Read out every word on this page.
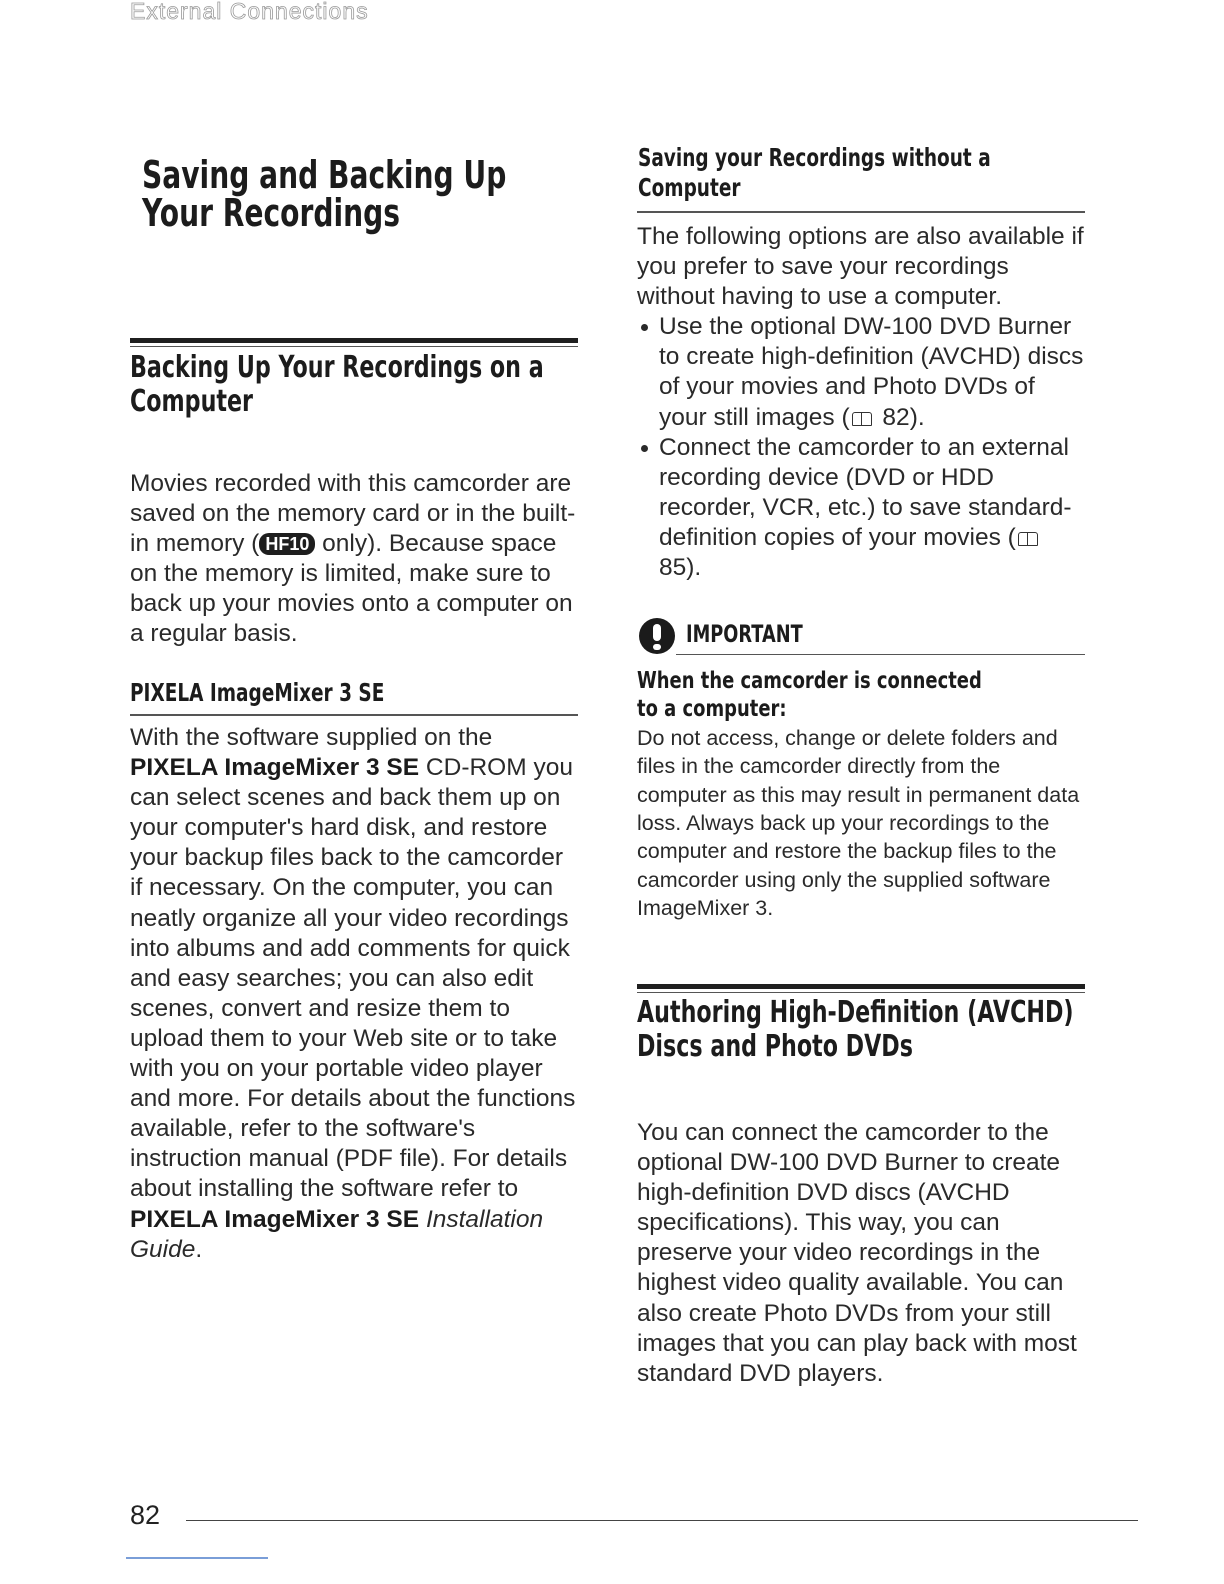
External Connections
Saving and Backing Up
Your Recordings
Backing Up Your Recordings on a
Computer

Movies recorded with this camcorder are saved on the memory card or in the built-in memory ( HF10 only). Because space on the memory is limited, make sure to back up your movies onto a computer on a regular basis.

PIXELA ImageMixer 3 SE

With the software supplied on the PIXELA ImageMixer 3 SE CD-ROM you can select scenes and back them up on your computer's hard disk, and restore your backup files back to the camcorder if necessary. On the computer, you can neatly organize all your video recordings into albums and add comments for quick and easy searches; you can also edit scenes, convert and resize them to upload them to your Web site or to take with you on your portable video player and more. For details about the functions available, refer to the software's instruction manual (PDF file). For details about installing the software refer to PIXELA ImageMixer 3 SE Installation Guide.

Saving your Recordings without a
Computer

The following options are also available if you prefer to save your recordings without having to use a computer.

Use the optional DW-100 DVD Burner to create high-definition (AVCHD) discs of your movies and Photo DVDs of your still images ( 82).
Connect the camcorder to an external recording device (DVD or HDD recorder, VCR, etc.) to save standard-definition copies of your movies ( 85).
IMPORTANT

When the camcorder is connected to a computer: Do not access, change or delete folders and files in the camcorder directly from the computer as this may result in permanent data loss. Always back up your recordings to the computer and restore the backup files to the camcorder using only the supplied software ImageMixer 3.

Authoring High-Definition (AVCHD)
Discs and Photo DVDs

You can connect the camcorder to the optional DW-100 DVD Burner to create high-definition DVD discs (AVCHD specifications). This way, you can preserve your video recordings in the highest video quality available. You can also create Photo DVDs from your still images that you can play back with most standard DVD players.

82
